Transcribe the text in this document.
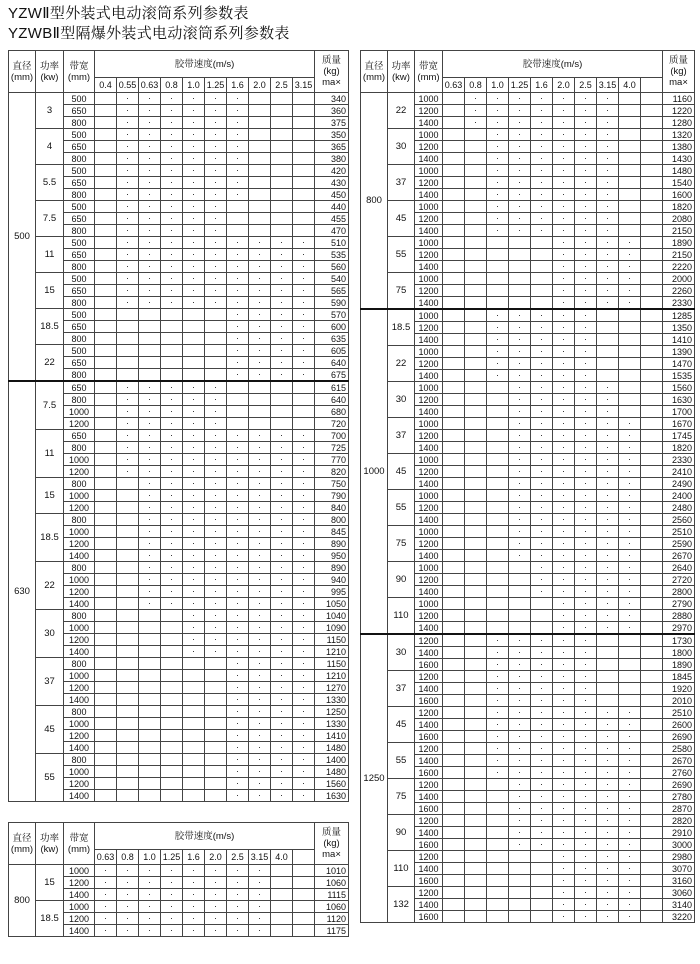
YZWⅡ型外装式电动滚筒系列参数表
YZWBⅡ型隔爆外装式电动滚筒系列参数表
直径
(mm)	功率
(kw)	带宽
(mm)	胶带速度(m/s)										质量
(kg)
ma×
			0.4	0.55	0.63	0.8	1.0	1.25	1.6	2.0	2.5	3.15	
500	3	500		·	·	·	·	·	·				340
		650		·	·	·	·	·	·				360
		800		·	·	·	·	·	·				375
	4	500		·	·	·	·	·	·				350
		650		·	·	·	·	·	·				365
		800		·	·	·	·	·	·				380
	5.5	500		·	·	·	·	·	·				420
		650		·	·	·	·	·	·				430
		800		·	·	·	·	·	·				450
	7.5	500		·	·	·	·	·					440
		650		·	·	·	·	·					455
		800		·	·	·	·	·					470
	11	500		·	·	·	·	·	·	·	·	·	510
		650		·	·	·	·	·	·	·	·	·	535
		800		·	·	·	·	·	·	·	·	·	560
	15	500		·	·	·	·	·	·	·	·	·	540
		650		·	·	·	·	·	·	·	·	·	565
		800		·	·	·	·	·	·	·	·	·	590
	18.5	500							·	·	·	·	570
		650							·	·	·	·	600
		800							·	·	·	·	635
	22	500							·	·	·	·	605
		650							·	·	·	·	640
		800							·	·	·	·	675
630	7.5	650		·	·	·	·	·					615
		800		·	·	·	·	·					640
		1000		·	·	·	·	·					680
		1200		·	·	·	·	·					720
	11	650		·	·	·	·	·	·	·	·	·	700
		800		·	·	·	·	·	·	·	·	·	725
		1000		·	·	·	·	·	·	·	·	·	770
		1200		·	·	·	·	·	·	·	·	·	820
	15	800			·	·	·	·	·	·	·	·	750
		1000			·	·	·	·	·	·	·	·	790
		1200			·	·	·	·	·	·	·	·	840
	18.5	800			·	·	·	·	·	·	·	·	800
		1000			·	·	·	·	·	·	·	·	845
		1200			·	·	·	·	·	·	·	·	890
		1400			·	·	·	·	·	·	·	·	950
	22	800			·	·	·	·	·	·	·	·	890
		1000			·	·	·	·	·	·	·	·	940
		1200			·	·	·	·	·	·	·	·	995
		1400			·	·	·	·	·	·	·	·	1050
	30	800					·	·	·	·	·	·	1040
		1000					·	·	·	·	·	·	1090
		1200					·	·	·	·	·	·	1150
		1400					·	·	·	·	·	·	1210
	37	800							·	·	·	·	1150
		1000							·	·	·	·	1210
		1200							·	·	·	·	1270
		1400							·	·	·	·	1330
	45	800							·	·	·	·	1250
		1000							·	·	·	·	1330
		1200							·	·	·	·	1410
		1400							·	·	·	·	1480
	55	800							·	·	·	·	1400
		1000							·	·	·	·	1480
		1200							·	·	·	·	1560
		1400							·	·	·	·	1630
直径
(mm)	功率
(kw)	带宽
(mm)	胶带速度(m/s)										质量
(kg)
ma×
			0.63	0.8	1.0	1.25	1.6	2.0	2.5	3.15	4.0		
800	15	1000	·	·	·	·	·	·	·	·			1010
		1200	·	·	·	·	·	·	·	·			1060
		1400	·	·	·	·	·	·	·	·			1115
	18.5	1000	·	·	·	·	·	·	·	·			1060
		1200	·	·	·	·	·	·	·	·			1120
		1400	·	·	·	·	·	·	·	·			1175
直径
(mm)	功率
(kw)	带宽
(mm)	胶带速度(m/s)										质量
(kg)
ma×
			0.63	0.8	1.0	1.25	1.6	2.0	2.5	3.15	4.0		
800	22	1000		·	·	·	·	·	·	·			1160
		1200		·	·	·	·	·	·	·			1220
		1400		·	·	·	·	·	·	·			1280
	30	1000			·	·	·	·	·	·			1320
		1200			·	·	·	·	·	·			1380
		1400			·	·	·	·	·	·			1430
	37	1000			·	·	·	·	·	·			1480
		1200			·	·	·	·	·	·			1540
		1400			·	·	·	·	·	·			1600
	45	1000			·	·	·	·	·	·			1820
		1200			·	·	·	·	·	·			2080
		1400			·	·	·	·	·	·			2150
	55	1000						·	·	·	·		1890
		1200						·	·	·	·		2150
		1400						·	·	·	·		2220
	75	1000						·	·	·	·		2000
		1200						·	·	·	·		2260
		1400						·	·	·	·		2330
1000	18.5	1000			·	·	·	·	·				1285
		1200			·	·	·	·	·				1350
		1400			·	·	·	·	·				1410
	22	1000			·	·	·	·	·				1390
		1200			·	·	·	·	·				1470
		1400			·	·	·	·	·				1535
	30	1000				·	·	·	·	·			1560
		1200				·	·	·	·	·			1630
		1400				·	·	·	·	·			1700
	37	1000				·	·	·	·	·	·		1670
		1200				·	·	·	·	·	·		1745
		1400				·	·	·	·	·	·		1820
	45	1000				·	·	·	·	·	·		2330
		1200				·	·	·	·	·	·		2410
		1400				·	·	·	·	·	·		2490
	55	1000				·	·	·	·	·	·		2400
		1200				·	·	·	·	·	·		2480
		1400				·	·	·	·	·	·		2560
	75	1000				·	·	·	·	·	·		2510
		1200				·	·	·	·	·	·		2590
		1400				·	·	·	·	·	·		2670
	90	1000					·	·	·	·	·		2640
		1200					·	·	·	·	·		2720
		1400					·	·	·	·	·		2800
	110	1000						·	·	·	·		2790
		1200						·	·	·	·		2880
		1400						·	·	·	·		2970
1250	30	1200			·	·	·	·	·				1730
		1400			·	·	·	·	·				1800
		1600			·	·	·	·	·				1890
	37	1200			·	·	·	·	·				1845
		1400			·	·	·	·	·				1920
		1600			·	·	·	·	·				2010
	45	1200			·	·	·	·	·	·	·		2510
		1400			·	·	·	·	·	·	·		2600
		1600			·	·	·	·	·	·	·		2690
	55	1200			·	·	·	·	·	·	·		2580
		1400			·	·	·	·	·	·	·		2670
		1600			·	·	·	·	·	·	·		2760
	75	1200				·	·	·	·	·	·		2690
		1400				·	·	·	·	·	·		2780
		1600				·	·	·	·	·	·		2870
	90	1200				·	·	·	·	·	·		2820
		1400				·	·	·	·	·	·		2910
		1600				·	·	·	·	·	·		3000
	110	1200						·	·	·	·		2980
		1400						·	·	·	·		3070
		1600						·	·	·	·		3160
	132	1200						·	·	·	·		3060
		1400						·	·	·	·		3140
		1600						·	·	·	·		3220
